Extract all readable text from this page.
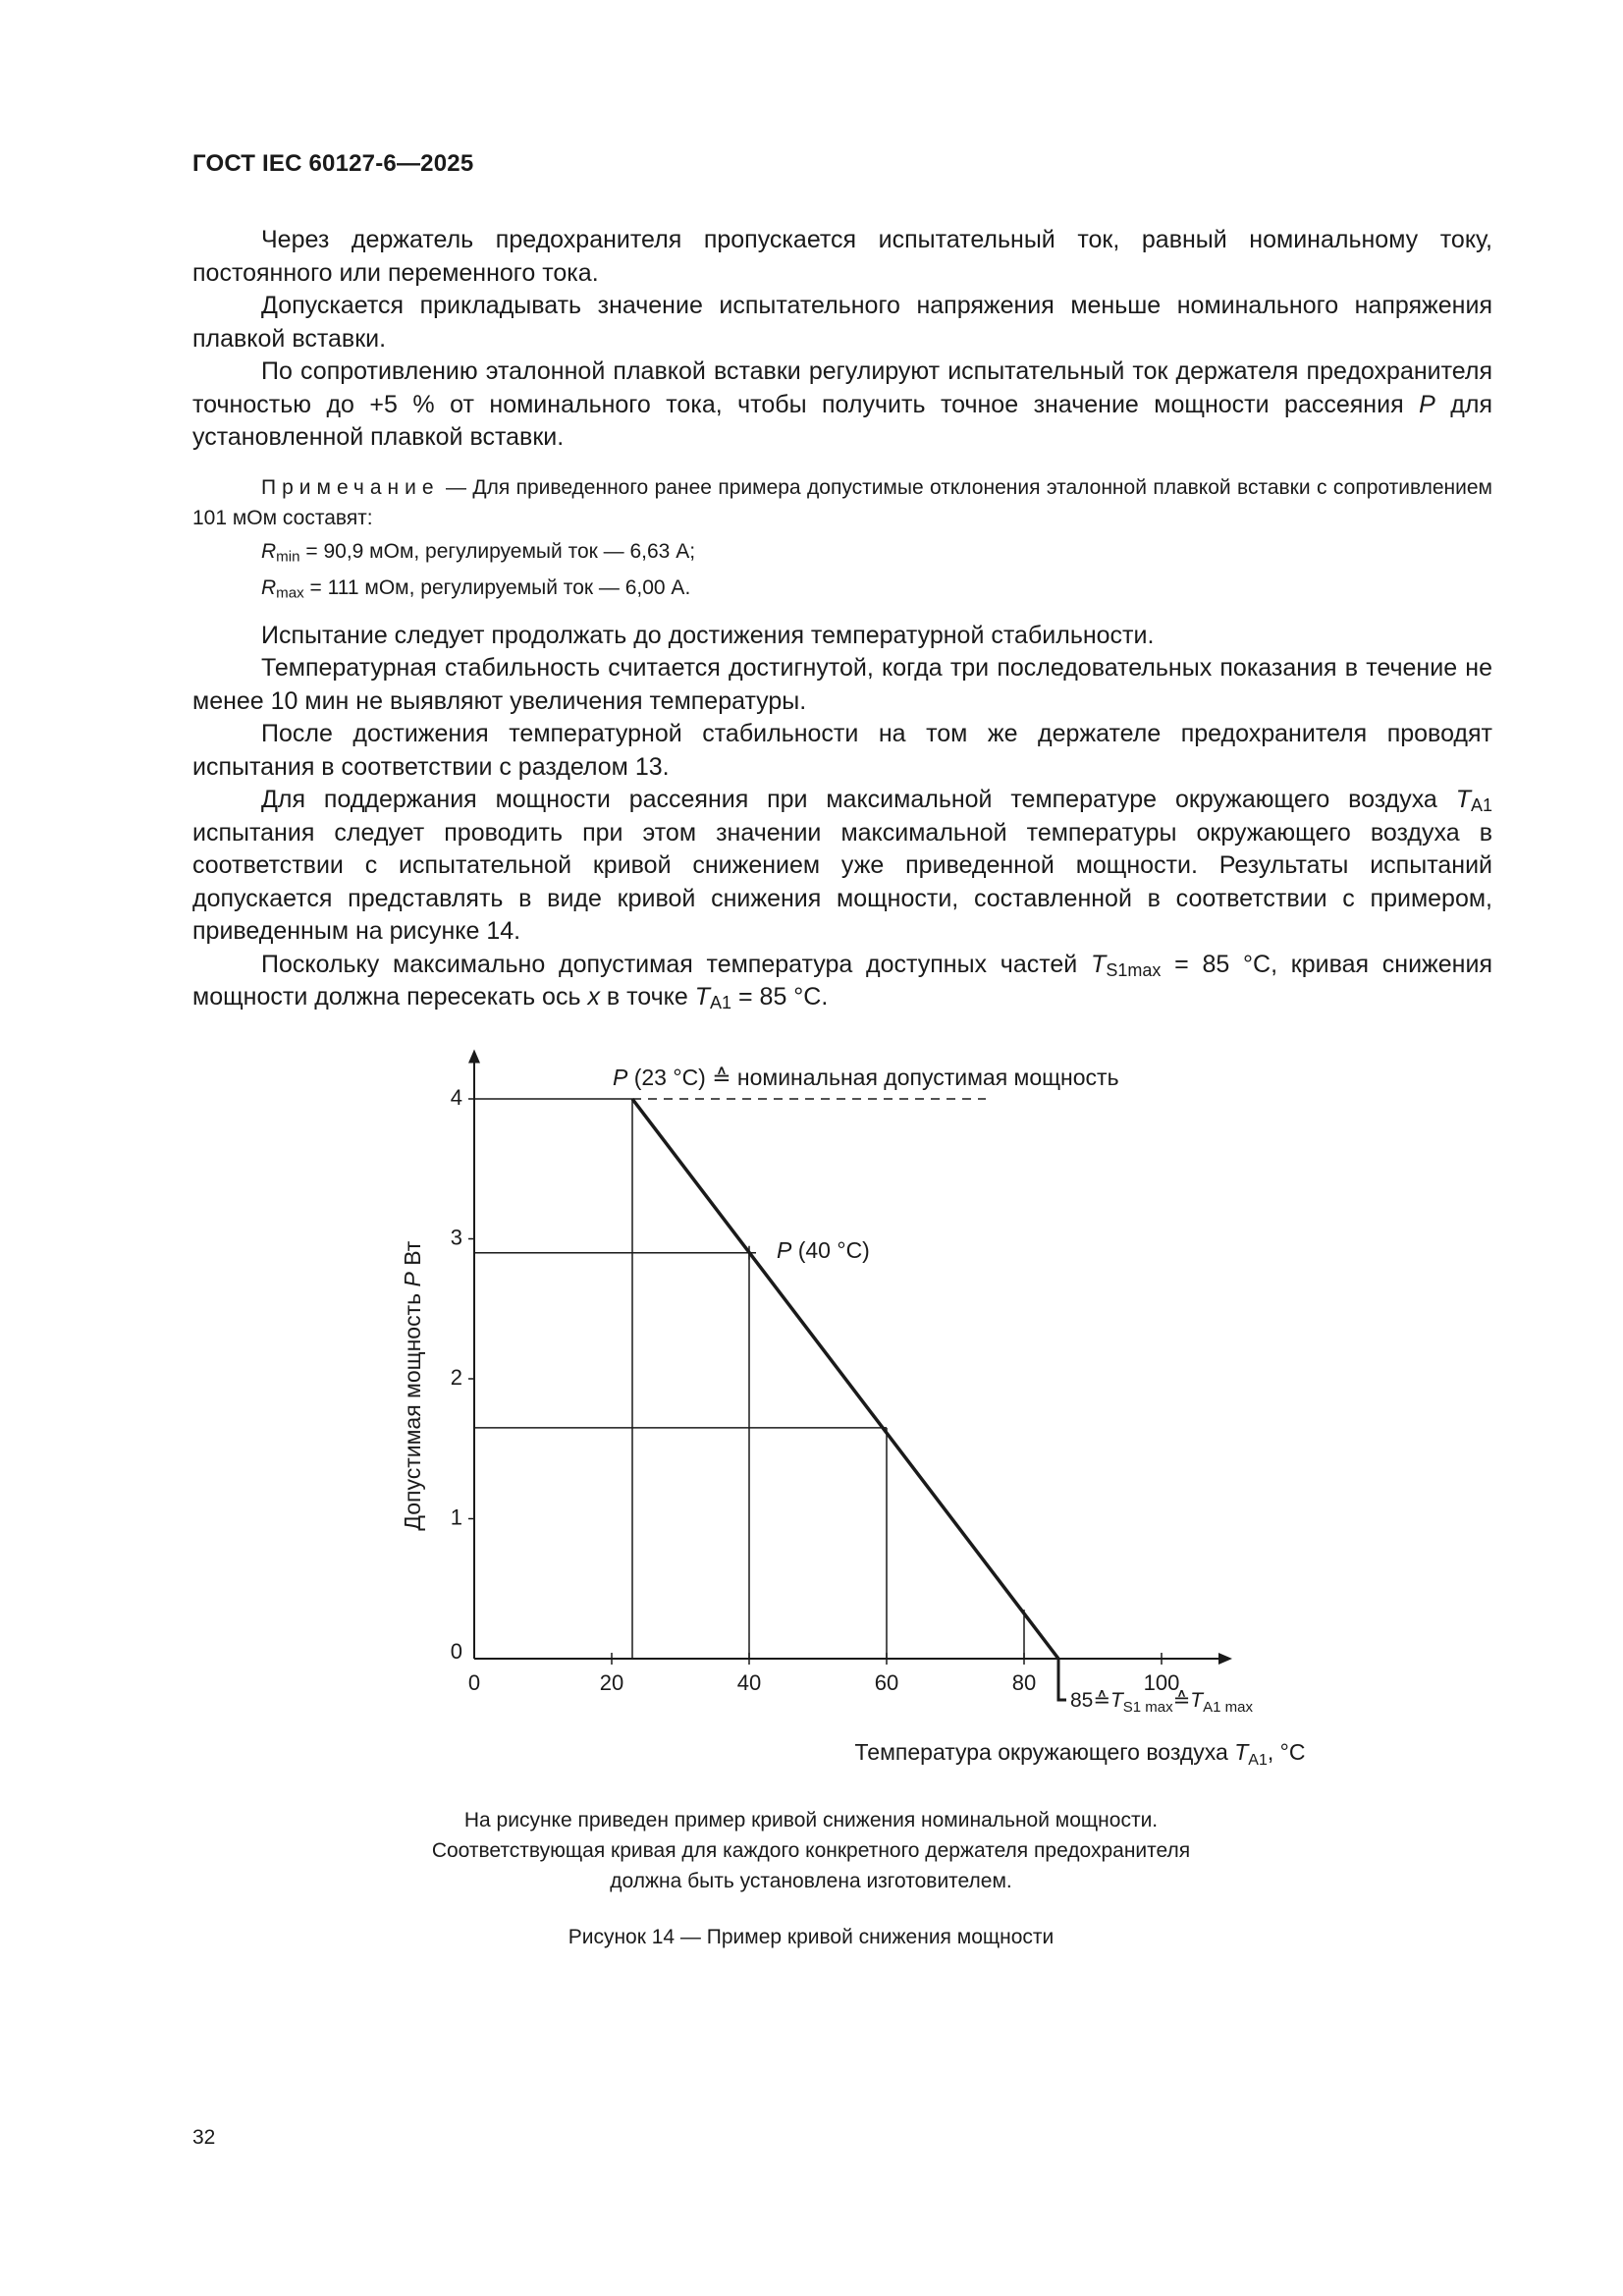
ГОСТ IEC 60127-6—2025

Через держатель предохранителя пропускается испытательный ток, равный номинальному току, постоянного или переменного тока.

Допускается прикладывать значение испытательного напряжения меньше номинального напряжения плавкой вставки.

По сопротивлению эталонной плавкой вставки регулируют испытательный ток держателя предохранителя точностью до +5 % от номинального тока, чтобы получить точное значение мощности рассеяния P для установленной плавкой вставки.

Примечание — Для приведенного ранее примера допустимые отклонения эталонной плавкой вставки с сопротивлением 101 мОм составят:

$R_{min} = 90,9$ мОм, регулируемый ток — 6,63 А;

$R_{max} = 111$ мОм, регулируемый ток — 6,00 А.

Испытание следует продолжать до достижения температурной стабильности.

Температурная стабильность считается достигнутой, когда три последовательных показания в течение не менее 10 мин не выявляют увеличения температуры.

После достижения температурной стабильности на том же держателе предохранителя проводят испытания в соответствии с разделом 13.

Для поддержания мощности рассеяния при максимальной температуре окружающего воздуха $T_{A1}$ испытания следует проводить при этом значении максимальной температуры окружающего воздуха в соответствии с испытательной кривой снижением уже приведенной мощности. Результаты испытаний допускается представлять в виде кривой снижения мощности, составленной в соответствии с примером, приведенным на рисунке 14.

Поскольку максимально допустимая температура доступных частей $T_{S1max} = 85$ °С, кривая снижения мощности должна пересекать ось x в точке $T_{A1} = 85$ °С.

0	20	40	60	80	100
0
1
2
3
4
P (23 °С) ≙ номинальная допустимая мощность
P (40 °С)
$85≙T_{S1 max}≙T_{A1 max}$
Допустимая мощность P Вт
Температура окружающего воздуха $T_{A1}$, °С
На рисунке приведен пример кривой снижения номинальной мощности.
Соответствующая кривая для каждого конкретного держателя предохранителя
должна быть установлена изготовителем.
Рисунок 14 — Пример кривой снижения мощности
32
